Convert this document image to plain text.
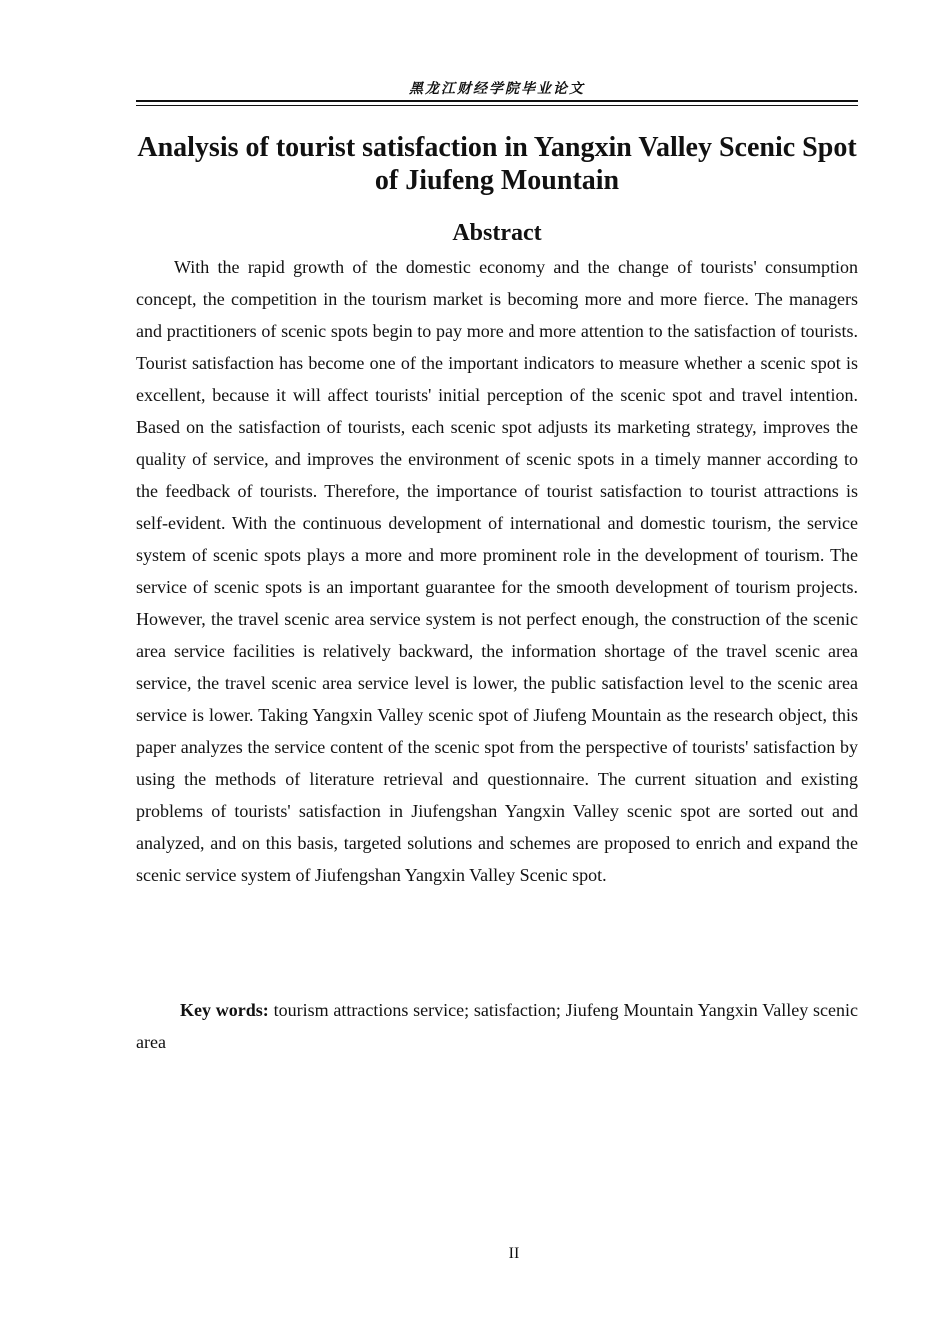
黑龙江财经学院毕业论文
Analysis of tourist satisfaction in Yangxin Valley Scenic Spot of Jiufeng Mountain
Abstract

With the rapid growth of the domestic economy and the change of tourists' consumption concept, the competition in the tourism market is becoming more and more fierce. The managers and practitioners of scenic spots begin to pay more and more attention to the satisfaction of tourists. Tourist satisfaction has become one of the important indicators to measure whether a scenic spot is excellent, because it will affect tourists' initial perception of the scenic spot and travel intention. Based on the satisfaction of tourists, each scenic spot adjusts its marketing strategy, improves the quality of service, and improves the environment of scenic spots in a timely manner according to the feedback of tourists. Therefore, the importance of tourist satisfaction to tourist attractions is self-evident. With the continuous development of international and domestic tourism, the service system of scenic spots plays a more and more prominent role in the development of tourism. The service of scenic spots is an important guarantee for the smooth development of tourism projects. However, the travel scenic area service system is not perfect enough, the construction of the scenic area service facilities is relatively backward, the information shortage of the travel scenic area service, the travel scenic area service level is lower, the public satisfaction level to the scenic area service is lower. Taking Yangxin Valley scenic spot of Jiufeng Mountain as the research object, this paper analyzes the service content of the scenic spot from the perspective of tourists' satisfaction by using the methods of literature retrieval and questionnaire. The current situation and existing problems of tourists' satisfaction in Jiufengshan Yangxin Valley scenic spot are sorted out and analyzed, and on this basis, targeted solutions and schemes are proposed to enrich and expand the scenic service system of Jiufengshan Yangxin Valley Scenic spot.

Key words: tourism attractions service; satisfaction; Jiufeng Mountain Yangxin Valley scenic area

II
